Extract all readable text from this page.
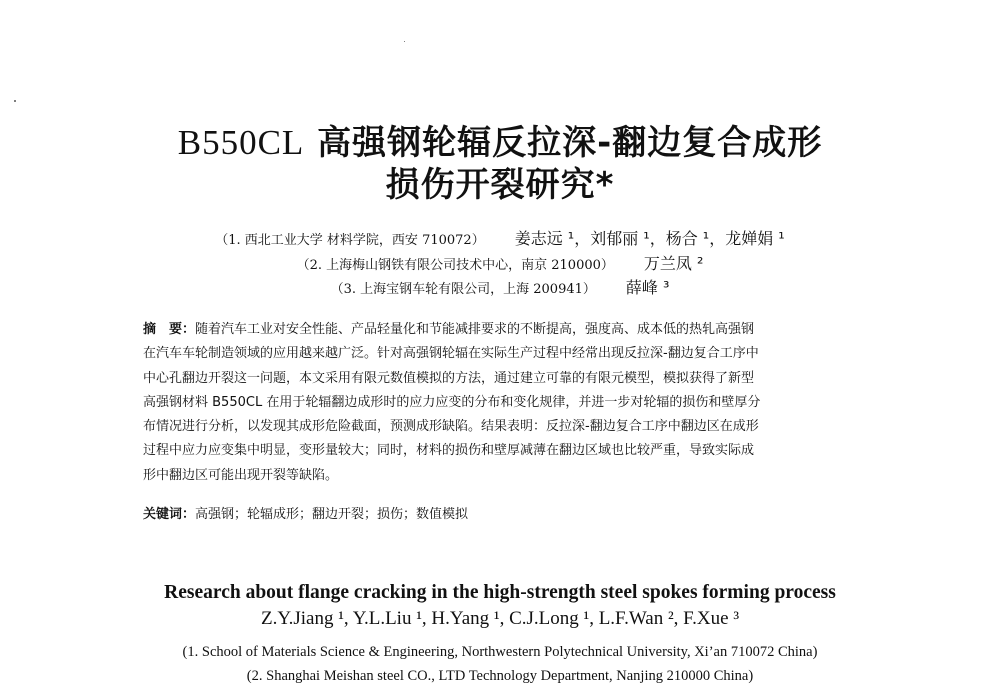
B550CL 高强钢轮辐反拉深-翻边复合成形
损伤开裂研究*
（1. 西北工业大学 材料学院，西安 710072） 姜志远 ¹，刘郁丽 ¹，杨合 ¹，龙婵娟 ¹
（2. 上海梅山钢铁有限公司技术中心，南京 210000） 万兰凤 ²
（3. 上海宝钢车轮有限公司，上海 200941） 薛峰 ³
摘　要：随着汽车工业对安全性能、产品轻量化和节能减排要求的不断提高，强度高、成本低的热轧高强钢
在汽车车轮制造领域的应用越来越广泛。针对高强钢轮辐在实际生产过程中经常出现反拉深-翻边复合工序中
中心孔翻边开裂这一问题，本文采用有限元数值模拟的方法，通过建立可靠的有限元模型，模拟获得了新型
高强钢材料 B550CL 在用于轮辐翻边成形时的应力应变的分布和变化规律，并进一步对轮辐的损伤和壁厚分
布情况进行分析，以发现其成形危险截面，预测成形缺陷。结果表明：反拉深-翻边复合工序中翻边区在成形
过程中应力应变集中明显，变形量较大；同时，材料的损伤和壁厚减薄在翻边区域也比较严重，导致实际成
形中翻边区可能出现开裂等缺陷。
关键词：高强钢；轮辐成形；翻边开裂；损伤；数值模拟
Research about flange cracking in the high-strength steel spokes forming process
Z.Y.Jiang ¹, Y.L.Liu ¹, H.Yang ¹, C.J.Long ¹, L.F.Wan ², F.Xue ³
(1. School of Materials Science & Engineering, Northwestern Polytechnical University, Xi’an 710072 China)
(2. Shanghai Meishan steel CO., LTD Technology Department, Nanjing 210000 China)
